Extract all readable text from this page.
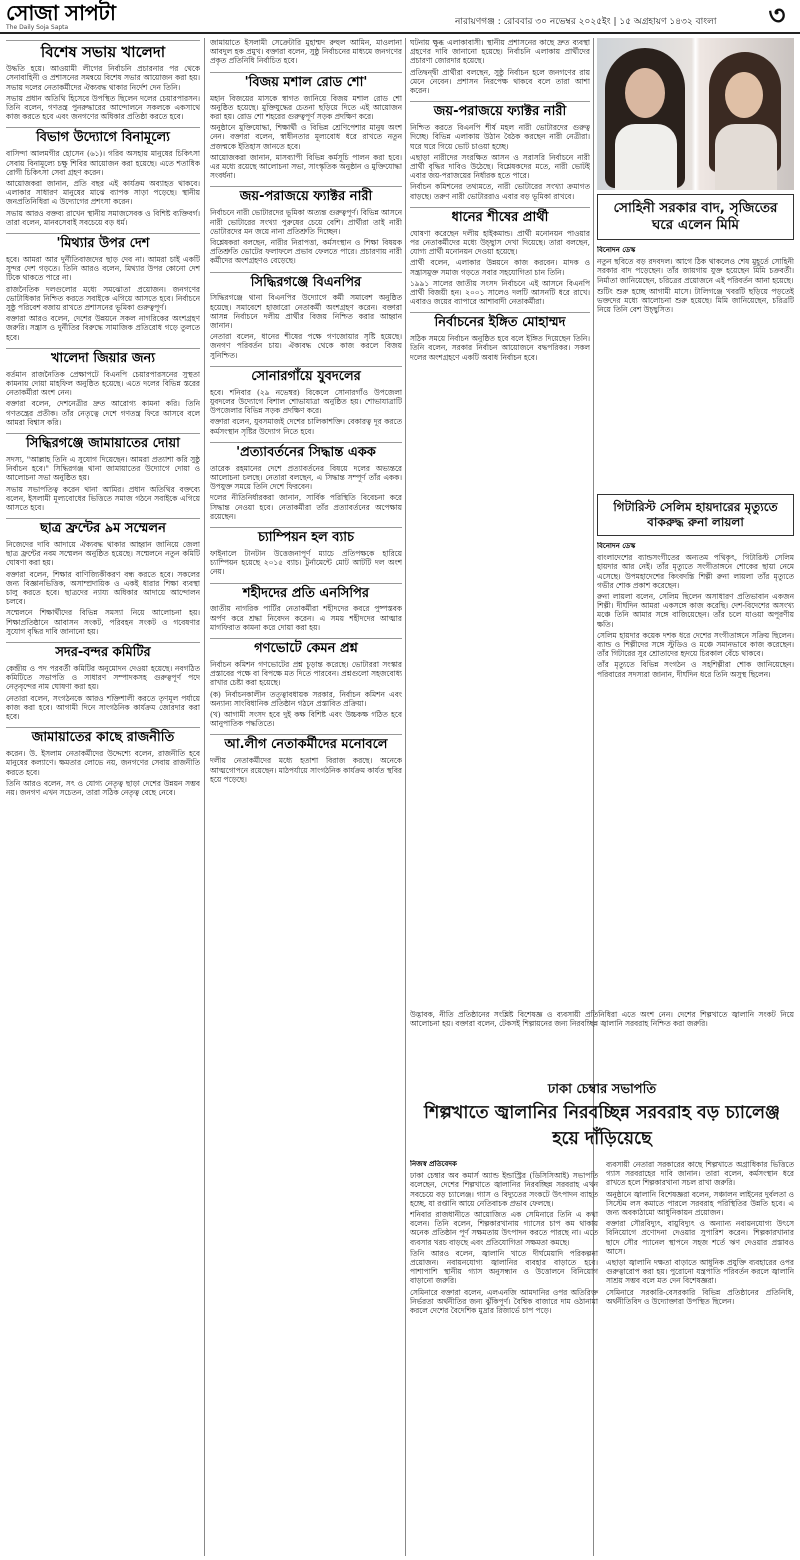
সোজা সাপটা
The Daily Soja Sapta
নারায়ণগঞ্জ : রোববার ৩০ নভেম্বর ২০২৫ইং | ১৫ অগ্রহায়ণ ১৪৩২ বাংলা	৩
বিশেষ সভায় খালেদা

উদ্ধতি হয়ে। আওয়ামী লীগের নির্বাচনি প্রচারনার পর থেকে সেনাবাহিনী ও প্রশাসনের সমন্বয়ে বিশেষ সভার আয়োজন করা হয়। সভায় দলের নেতাকর্মীদের ঐক্যবদ্ধ থাকার নির্দেশ দেন তিনি।

সভায় প্রধান অতিথি হিসেবে উপস্থিত ছিলেন দলের চেয়ারপারসন। তিনি বলেন, গণতন্ত্র পুনরুদ্ধারের আন্দোলনে সকলকে একসাথে কাজ করতে হবে এবং জনগণের অধিকার প্রতিষ্ঠা করতে হবে।

বিভাগ উদ্যোগে বিনামূল্যে

বাসিন্দা আলমগীর হোসেন (৬১)। গরিব অসহায় মানুষের চিকিৎসা সেবায় বিনামূল্যে চক্ষু শিবির আয়োজন করা হয়েছে। এতে শতাধিক রোগী চিকিৎসা সেবা গ্রহণ করেন।

আয়োজকরা জানান, প্রতি বছর এই কার্যক্রম অব্যাহত থাকবে। এলাকার সাধারণ মানুষের মাঝে ব্যাপক সাড়া পড়েছে। স্থানীয় জনপ্রতিনিধিরা এ উদ্যোগের প্রশংসা করেন।

সভায় আরও বক্তব্য রাখেন স্থানীয় সমাজসেবক ও বিশিষ্ট ব্যক্তিবর্গ। তারা বলেন, মানবসেবাই সবচেয়ে বড় ধর্ম।

'মিথ্যার উপর দেশ

হবে। আমরা আর দুর্নীতিবাজদের ছাড় দেব না। আমরা চাই একটি সুন্দর দেশ গড়তে। তিনি আরও বলেন, মিথ্যার উপর কোনো দেশ টিকে থাকতে পারে না।

রাজনৈতিক দলগুলোর মধ্যে সমঝোতা প্রয়োজন। জনগণের ভোটাধিকার নিশ্চিত করতে সবাইকে এগিয়ে আসতে হবে। নির্বাচনে সুষ্ঠু পরিবেশ বজায় রাখতে প্রশাসনের ভূমিকা গুরুত্বপূর্ণ।

বক্তারা আরও বলেন, দেশের উন্নয়নে সকল নাগরিকের অংশগ্রহণ জরুরি। সন্ত্রাস ও দুর্নীতির বিরুদ্ধে সামাজিক প্রতিরোধ গড়ে তুলতে হবে।

খালেদা জিয়ার জন্য

বর্তমান রাজনৈতিক প্রেক্ষাপটে বিএনপি চেয়ারপারসনের সুস্থতা কামনায় দোয়া মাহফিল অনুষ্ঠিত হয়েছে। এতে দলের বিভিন্ন স্তরের নেতাকর্মীরা অংশ নেন।

বক্তারা বলেন, দেশনেত্রীর দ্রুত আরোগ্য কামনা করি। তিনি গণতন্ত্রের প্রতীক। তাঁর নেতৃত্বে দেশে গণতন্ত্র ফিরে আসবে বলে আমরা বিশ্বাস করি।

সিদ্ধিরগঞ্জে জামায়াতের দোয়া

সদস্য, "আল্লাহ তিনি এ সুযোগ দিয়েছেন। আমরা প্রত্যাশা করি সুষ্ঠু নির্বাচন হবে।" সিদ্ধিরগঞ্জ থানা জামায়াতের উদ্যোগে দোয়া ও আলোচনা সভা অনুষ্ঠিত হয়।

সভায় সভাপতিত্ব করেন থানা আমির। প্রধান অতিথির বক্তব্যে বলেন, ইসলামী মূল্যবোধের ভিত্তিতে সমাজ গঠনে সবাইকে এগিয়ে আসতে হবে।

ছাত্র ফ্রন্টের ৯ম সম্মেলন

নিজেদের দাবি আদায়ে ঐক্যবদ্ধ থাকার আহ্বান জানিয়ে জেলা ছাত্র ফ্রন্টের নবম সম্মেলন অনুষ্ঠিত হয়েছে। সম্মেলনে নতুন কমিটি ঘোষণা করা হয়।

বক্তারা বলেন, শিক্ষার বাণিজ্যিকীকরণ বন্ধ করতে হবে। সকলের জন্য বিজ্ঞানভিত্তিক, অসাম্প্রদায়িক ও একই ধারার শিক্ষা ব্যবস্থা চালু করতে হবে। ছাত্রদের ন্যায্য অধিকার আদায়ে আন্দোলন চলবে।

সম্মেলনে শিক্ষার্থীদের বিভিন্ন সমস্যা নিয়ে আলোচনা হয়। শিক্ষাপ্রতিষ্ঠানে আবাসন সংকট, পরিবহন সংকট ও গবেষণার সুযোগ বৃদ্ধির দাবি জানানো হয়।

সদর-বন্দর কমিটির

কেন্দ্রীয় ও পদ পরবর্তী কমিটির অনুমোদন দেওয়া হয়েছে। নবগঠিত কমিটিতে সভাপতি ও সাধারণ সম্পাদকসহ গুরুত্বপূর্ণ পদে নেতৃবৃন্দের নাম ঘোষণা করা হয়।

নেতারা বলেন, সংগঠনকে আরও শক্তিশালী করতে তৃণমূল পর্যায়ে কাজ করা হবে। আগামী দিনে সাংগঠনিক কার্যক্রম জোরদার করা হবে।

জামায়াতের কাছে রাজনীতি

করেন। উ. ইসলাম নেতাকর্মীদের উদ্দেশ্যে বলেন, রাজনীতি হবে মানুষের কল্যাণে। ক্ষমতার লোভে নয়, জনগণের সেবায় রাজনীতি করতে হবে।

তিনি আরও বলেন, সৎ ও যোগ্য নেতৃত্ব ছাড়া দেশের উন্নয়ন সম্ভব নয়। জনগণ এখন সচেতন, তারা সঠিক নেতৃত্ব বেছে নেবে।

জামায়াতে ইসলামী সেক্রেটারি মুহাম্মদ রুহুল আমিন, মাওলানা আবদুল হক প্রমুখ। বক্তারা বলেন, সুষ্ঠু নির্বাচনের মাধ্যমে জনগণের প্রকৃত প্রতিনিধি নির্বাচিত হবে।

'বিজয় মশাল রোড শো'

মহান বিজয়ের মাসকে স্বাগত জানিয়ে বিজয় মশাল রোড শো অনুষ্ঠিত হয়েছে। মুক্তিযুদ্ধের চেতনা ছড়িয়ে দিতে এই আয়োজন করা হয়। রোড শো শহরের গুরুত্বপূর্ণ সড়ক প্রদক্ষিণ করে।

অনুষ্ঠানে মুক্তিযোদ্ধা, শিক্ষার্থী ও বিভিন্ন শ্রেণিপেশার মানুষ অংশ নেন। বক্তারা বলেন, স্বাধীনতার মূল্যবোধ ধরে রাখতে নতুন প্রজন্মকে ইতিহাস জানতে হবে।

আয়োজকরা জানান, মাসব্যাপী বিভিন্ন কর্মসূচি পালন করা হবে। এর মধ্যে রয়েছে আলোচনা সভা, সাংস্কৃতিক অনুষ্ঠান ও মুক্তিযোদ্ধা সংবর্ধনা।

জয়-পরাজয়ে ফ্যাক্টর নারী

নির্বাচনে নারী ভোটারদের ভূমিকা অত্যন্ত গুরুত্বপূর্ণ। বিভিন্ন আসনে নারী ভোটারের সংখ্যা পুরুষের চেয়ে বেশি। প্রার্থীরা তাই নারী ভোটারদের মন জয়ে নানা প্রতিশ্রুতি দিচ্ছেন।

বিশ্লেষকরা বলছেন, নারীর নিরাপত্তা, কর্মসংস্থান ও শিক্ষা বিষয়ক প্রতিশ্রুতি ভোটের ফলাফলে প্রভাব ফেলতে পারে। প্রচারণায় নারী কর্মীদের অংশগ্রহণও বেড়েছে।

সিদ্ধিরগঞ্জে বিএনপির

সিদ্ধিরগঞ্জে থানা বিএনপির উদ্যোগে কর্মী সমাবেশ অনুষ্ঠিত হয়েছে। সমাবেশে হাজারো নেতাকর্মী অংশগ্রহণ করেন। বক্তারা আসন্ন নির্বাচনে দলীয় প্রার্থীর বিজয় নিশ্চিত করার আহ্বান জানান।

নেতারা বলেন, ধানের শীষের পক্ষে গণজোয়ার সৃষ্টি হয়েছে। জনগণ পরিবর্তন চায়। ঐক্যবদ্ধ থেকে কাজ করলে বিজয় সুনিশ্চিত।

সোনারগাঁয়ে যুবদলের

হবে। শনিবার (২৯ নভেম্বর) বিকেলে সোনারগাঁও উপজেলা যুবদলের উদ্যোগে বিশাল শোভাযাত্রা অনুষ্ঠিত হয়। শোভাযাত্রাটি উপজেলার বিভিন্ন সড়ক প্রদক্ষিণ করে।

বক্তারা বলেন, যুবসমাজই দেশের চালিকাশক্তি। বেকারত্ব দূর করতে কর্মসংস্থান সৃষ্টির উদ্যোগ নিতে হবে।

'প্রত্যাবর্তনের সিদ্ধান্ত একক

তারেক রহমানের দেশে প্রত্যাবর্তনের বিষয়ে দলের অভ্যন্তরে আলোচনা চলছে। নেতারা বলছেন, এ সিদ্ধান্ত সম্পূর্ণ তাঁর একক। উপযুক্ত সময়ে তিনি দেশে ফিরবেন।

দলের নীতিনির্ধারকরা জানান, সার্বিক পরিস্থিতি বিবেচনা করে সিদ্ধান্ত নেওয়া হবে। নেতাকর্মীরা তাঁর প্রত্যাবর্তনের অপেক্ষায় রয়েছেন।

চ্যাম্পিয়ন হল ব্যাচ

ফাইনালে টানটান উত্তেজনাপূর্ণ ম্যাচে প্রতিপক্ষকে হারিয়ে চ্যাম্পিয়ন হয়েছে ২০১৫ ব্যাচ। টুর্নামেন্টে মোট আটটি দল অংশ নেয়।

শহীদদের প্রতি এনসিপির

জাতীয় নাগরিক পার্টির নেতাকর্মীরা শহীদদের কবরে পুষ্পস্তবক অর্পণ করে শ্রদ্ধা নিবেদন করেন। এ সময় শহীদদের আত্মার মাগফিরাত কামনা করে দোয়া করা হয়।

গণভোটে কেমন প্রশ্ন

নির্বাচন কমিশন গণভোটের প্রশ্ন চূড়ান্ত করেছে। ভোটাররা সংস্কার প্রস্তাবের পক্ষে বা বিপক্ষে মত দিতে পারবেন। প্রশ্নগুলো সহজবোধ্য রাখার চেষ্টা করা হয়েছে।

(ক) নির্বাচনকালীন তত্ত্বাবধায়ক সরকার, নির্বাচন কমিশন এবং অন্যান্য সাংবিধানিক প্রতিষ্ঠান গঠনে প্রস্তাবিত প্রক্রিয়া।

(খ) আগামী সংসদ হবে দুই কক্ষ বিশিষ্ট এবং উচ্চকক্ষ গঠিত হবে আনুপাতিক পদ্ধতিতে।

আ.লীগ নেতাকর্মীদের মনোবলে

দলীয় নেতাকর্মীদের মধ্যে হতাশা বিরাজ করছে। অনেকে আত্মগোপনে রয়েছেন। মাঠপর্যায়ে সাংগঠনিক কার্যক্রম কার্যত স্থবির হয়ে পড়েছে।

ঘটনায় ক্ষুব্ধ এলাকাবাসী। স্থানীয় প্রশাসনের কাছে দ্রুত ব্যবস্থা গ্রহণের দাবি জানানো হয়েছে। নির্বাচনি এলাকায় প্রার্থীদের প্রচারণা জোরদার হয়েছে।

প্রতিদ্বন্দ্বী প্রার্থীরা বলছেন, সুষ্ঠু নির্বাচন হলে জনগণের রায় মেনে নেবেন। প্রশাসন নিরপেক্ষ থাকবে বলে তারা আশা করেন।

জয়-পরাজয়ে ফ্যাক্টর নারী

নিশ্চিত করতে বিএনপি শীর্ষ মহল নারী ভোটারদের গুরুত্ব দিচ্ছে। বিভিন্ন এলাকায় উঠান বৈঠক করছেন নারী নেত্রীরা। ঘরে ঘরে গিয়ে ভোট চাওয়া হচ্ছে।

এছাড়া নারীদের সংরক্ষিত আসন ও সরাসরি নির্বাচনে নারী প্রার্থী বৃদ্ধির দাবিও উঠেছে। বিশ্লেষকদের মতে, নারী ভোটই এবার জয়-পরাজয়ের নির্ধারক হতে পারে।

নির্বাচন কমিশনের তথ্যমতে, নারী ভোটারের সংখ্যা ক্রমাগত বাড়ছে। তরুণ নারী ভোটাররাও এবার বড় ভূমিকা রাখবে।

ধানের শীষের প্রার্থী

ঘোষণা করেছেন দলীয় হাইকমান্ড। প্রার্থী মনোনয়ন পাওয়ার পর নেতাকর্মীদের মধ্যে উচ্ছ্বাস দেখা দিয়েছে। তারা বলছেন, যোগ্য প্রার্থী মনোনয়ন দেওয়া হয়েছে।

প্রার্থী বলেন, এলাকার উন্নয়নে কাজ করবেন। মাদক ও সন্ত্রাসমুক্ত সমাজ গড়তে সবার সহযোগিতা চান তিনি।

১৯৯১ সালের জাতীয় সংসদ নির্বাচনে এই আসনে বিএনপি প্রার্থী বিজয়ী হন। ২০০১ সালেও দলটি আসনটি ধরে রাখে। এবারও জয়ের ব্যাপারে আশাবাদী নেতাকর্মীরা।

নির্বাচনের ইঙ্গিত মোহাম্মদ

সঠিক সময়ে নির্বাচন অনুষ্ঠিত হবে বলে ইঙ্গিত দিয়েছেন তিনি। তিনি বলেন, সরকার নির্বাচন আয়োজনে বদ্ধপরিকর। সকল দলের অংশগ্রহণে একটি অবাধ নির্বাচন হবে।

সোহিনী সরকার বাদ, সৃজিতের ঘরে এলেন মিমি

বিনোদন ডেস্ক

নতুন ছবিতে বড় রদবদল। আগে ঠিক থাকলেও শেষ মুহূর্তে সোহিনী সরকার বাদ পড়েছেন। তাঁর জায়গায় যুক্ত হয়েছেন মিমি চক্রবর্তী। নির্মাতা জানিয়েছেন, চরিত্রের প্রয়োজনে এই পরিবর্তন আনা হয়েছে।

শুটিং শুরু হচ্ছে আগামী মাসে। টালিগঞ্জে খবরটি ছড়িয়ে পড়তেই ভক্তদের মধ্যে আলোচনা শুরু হয়েছে। মিমি জানিয়েছেন, চরিত্রটি নিয়ে তিনি বেশ উচ্ছ্বসিত।

গিটারিস্ট সেলিম হায়দারের মৃত্যুতে বাকরুদ্ধ রুনা লায়লা

বিনোদন ডেস্ক

বাংলাদেশের ব্যান্ডসংগীতের অন্যতম পথিকৃৎ, গিটারিস্ট সেলিম হায়দার আর নেই। তাঁর মৃত্যুতে সংগীতাঙ্গনে শোকের ছায়া নেমে এসেছে। উপমহাদেশের কিংবদন্তি শিল্পী রুনা লায়লা তাঁর মৃত্যুতে গভীর শোক প্রকাশ করেছেন।

রুনা লায়লা বলেন, সেলিম ছিলেন অসাধারণ প্রতিভাবান একজন শিল্পী। দীর্ঘদিন আমরা একসঙ্গে কাজ করেছি। দেশ-বিদেশের অসংখ্য মঞ্চে তিনি আমার সঙ্গে বাজিয়েছেন। তাঁর চলে যাওয়া অপূরণীয় ক্ষতি।

সেলিম হায়দার কয়েক দশক ধরে দেশের সংগীতাঙ্গনে সক্রিয় ছিলেন। ব্যান্ড ও শিল্পীদের সঙ্গে স্টুডিও ও মঞ্চে সমানভাবে কাজ করেছেন। তাঁর গিটারের সুর শ্রোতাদের হৃদয়ে চিরকাল বেঁচে থাকবে।

তাঁর মৃত্যুতে বিভিন্ন সংগঠন ও সহশিল্পীরা শোক জানিয়েছেন। পরিবারের সদস্যরা জানান, দীর্ঘদিন ধরে তিনি অসুস্থ ছিলেন।

উদ্ভাবক, নীতি প্রতিষ্ঠানের সংশ্লিষ্ট বিশেষজ্ঞ ও ব্যবসায়ী প্রতিনিধিরা এতে অংশ নেন। দেশের শিল্পখাতে জ্বালানি সংকট নিয়ে আলোচনা হয়। বক্তারা বলেন, টেকসই শিল্পায়নের জন্য নিরবচ্ছিন্ন জ্বালানি সরবরাহ নিশ্চিত করা জরুরি।

ঢাকা চেম্বার সভাপতি
শিল্পখাতে জ্বালানির নিরবচ্ছিন্ন সরবরাহ বড় চ্যালেঞ্জ হয়ে দাঁড়িয়েছে

নিজস্ব প্রতিবেদক

ঢাকা চেম্বার অব কমার্স অ্যান্ড ইন্ডাস্ট্রির (ডিসিসিআই) সভাপতি বলেছেন, দেশের শিল্পখাতে জ্বালানির নিরবচ্ছিন্ন সরবরাহ এখন সবচেয়ে বড় চ্যালেঞ্জ। গ্যাস ও বিদ্যুতের সংকটে উৎপাদন ব্যাহত হচ্ছে, যা রপ্তানি আয়ে নেতিবাচক প্রভাব ফেলছে।

শনিবার রাজধানীতে আয়োজিত এক সেমিনারে তিনি এ কথা বলেন। তিনি বলেন, শিল্পকারখানায় গ্যাসের চাপ কম থাকায় অনেক প্রতিষ্ঠান পূর্ণ সক্ষমতায় উৎপাদন করতে পারছে না। এতে ব্যবসার খরচ বাড়ছে এবং প্রতিযোগিতা সক্ষমতা কমছে।

তিনি আরও বলেন, জ্বালানি খাতে দীর্ঘমেয়াদি পরিকল্পনা প্রয়োজন। নবায়নযোগ্য জ্বালানির ব্যবহার বাড়াতে হবে। পাশাপাশি স্থানীয় গ্যাস অনুসন্ধান ও উত্তোলনে বিনিয়োগ বাড়ানো জরুরি।

সেমিনারে বক্তারা বলেন, এলএনজি আমদানির ওপর অতিরিক্ত নির্ভরতা অর্থনীতির জন্য ঝুঁকিপূর্ণ। বৈশ্বিক বাজারে দাম ওঠানামা করলে দেশের বৈদেশিক মুদ্রার রিজার্ভে চাপ পড়ে।

ব্যবসায়ী নেতারা সরকারের কাছে শিল্পখাতে অগ্রাধিকার ভিত্তিতে গ্যাস সরবরাহের দাবি জানান। তারা বলেন, কর্মসংস্থান ধরে রাখতে হলে শিল্পকারখানা সচল রাখা জরুরি।

অনুষ্ঠানে জ্বালানি বিশেষজ্ঞরা বলেন, সঞ্চালন লাইনের দুর্বলতা ও সিস্টেম লস কমাতে পারলে সরবরাহ পরিস্থিতির উন্নতি হবে। এ জন্য অবকাঠামো আধুনিকায়ন প্রয়োজন।

বক্তারা সৌরবিদ্যুৎ, বায়ুবিদ্যুৎ ও অন্যান্য নবায়নযোগ্য উৎসে বিনিয়োগে প্রণোদনা দেওয়ার সুপারিশ করেন। শিল্পকারখানার ছাদে সৌর প্যানেল স্থাপনে সহজ শর্তে ঋণ দেওয়ার প্রস্তাবও আসে।

এছাড়া জ্বালানি দক্ষতা বাড়াতে আধুনিক প্রযুক্তি ব্যবহারের ওপর গুরুত্বারোপ করা হয়। পুরোনো যন্ত্রপাতি পরিবর্তন করলে জ্বালানি সাশ্রয় সম্ভব বলে মত দেন বিশেষজ্ঞরা।

সেমিনারে সরকারি-বেসরকারি বিভিন্ন প্রতিষ্ঠানের প্রতিনিধি, অর্থনীতিবিদ ও উদ্যোক্তারা উপস্থিত ছিলেন।
